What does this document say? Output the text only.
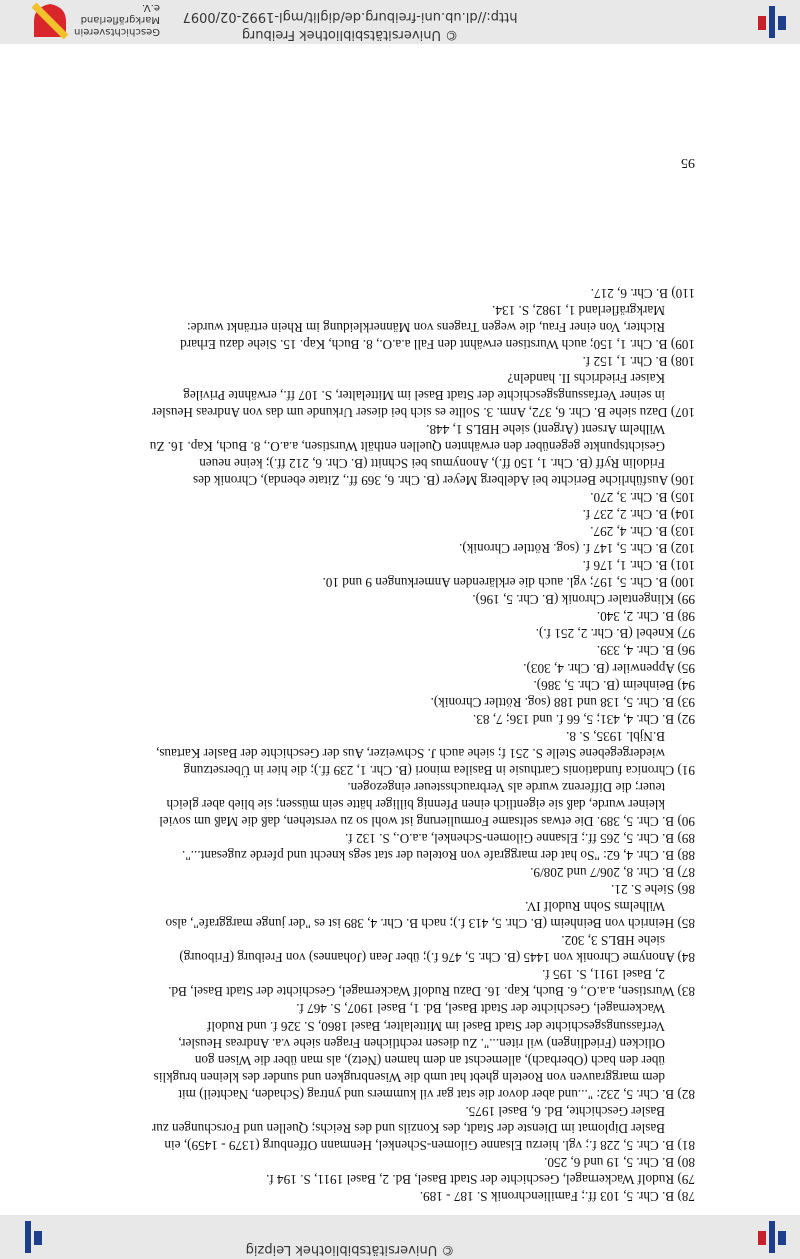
© Universitätsbibliothek Leipzig
78) B. Chr. 5, 103 ff.; Familienchronik S. 187 - 189.
79) Rudolf Wackernagel, Geschichte der Stadt Basel, Bd. 2, Basel 1911, S. 194 f.
80) B. Chr. 5, 19 und 6, 250.
81) B. Chr. 5, 228 f.; vgl. hierzu Elsanne Gilomen-Schenkel, Henmann Offenburg (1379 - 1459), ein
Basler Diplomat im Dienste der Stadt, des Konzils und des Reichs; Quellen und Forschungen zur
Basler Geschichte, Bd. 6, Basel 1975.
82) B. Chr. 5, 232: "...und aber dovor die stat gar vil kummers und yntrag (Schaden, Nachteil) mit
dem marggrauven von Roeteln ghebt hat umb die Wisenbrugken und sunder des kleinen brugklis
über den bach (Oberbach), allemechst an dem hamen (Netz), als man über die Wisen gon
Otlicken (Friedlingen) wil riten...". Zu diesen rechtlichen Fragen siehe v.a. Andreas Heusler,
Verfassungsgeschichte der Stadt Basel im Mittelalter, Basel 1860, S. 326 f. und Rudolf
Wackernagel, Geschichte der Stadt Basel, Bd. 1, Basel 1907, S. 467 f.
83) Wurstisen, a.a.O., 6. Buch, Kap. 16. Dazu Rudolf Wackernagel, Geschichte der Stadt Basel, Bd.
2, Basel 1911, S. 195 f.
84) Anonyme Chronik von 1445 (B. Chr. 5, 476 f.); über Jean (Johannes) von Freiburg (Fribourg)
siehe HBLS 3, 302.
85) Heinrich von Beinheim (B. Chr. 5, 413 f.); nach B. Chr. 4, 389 ist es "der junge marggrafe", also
Wilhelms Sohn Rudolf IV.
86) Siehe S. 21.
87) B. Chr. 8, 206/7 und 208/9.
88) B. Chr. 4, 62: "So hat der marggrafe von Roteleu der stat segs knecht und pferde zugesant...".
89) B. Chr. 5, 265 ff.; Elsanne Gilomen-Schenkel, a.a.O., S. 132 f.
90) B. Chr. 5, 389. Die etwas seltsame Formulierung ist wohl so zu verstehen, daß die Maß um soviel
kleiner wurde, daß sie eigentlich einen Pfennig billiger hätte sein müssen; sie blieb aber gleich
teuer; die Differenz wurde als Verbrauchssteuer eingezogen.
91) Chronica fundationis Carthusie in Basilea minori (B. Chr. 1, 239 ff.); die hier in Übersetzung
wiedergegebene Stelle S. 251 f; siehe auch J. Schweizer, Aus der Geschichte der Basler Kartaus,
B.Njbl. 1935, S. 8.
92) B. Chr. 4, 431; 5, 66 f. und 136; 7, 83.
93) B. Chr. 5, 138 und 188 (sog. Röttler Chronik).
94) Beinheim (B. Chr. 5, 386).
95) Appenwiler (B. Chr. 4, 303).
96) B. Chr. 4, 339.
97) Knebel (B. Chr. 2, 251 f.).
98) B. Chr. 2, 340.
99) Klingentaler Chronik (B. Chr. 5, 196).
100) B. Chr. 5, 197; vgl. auch die erklärenden Anmerkungen 9 und 10.
101) B. Chr. 1, 176 f.
102) B. Chr. 5, 147 f. (sog. Röttler Chronik).
103) B. Chr. 4, 297.
104) B. Chr. 2, 237 f.
105) B. Chr. 3, 270.
106) Ausführliche Berichte bei Adelberg Meyer (B. Chr. 6, 369 ff., Zitate ebenda), Chronik des
Fridolin Ryff (B. Chr. 1, 150 ff.), Anonymus bei Schnitt (B. Chr. 6, 212 ff.); keine neuen
Gesichtspunkte gegenüber den erwähnten Quellen enthält Wurstisen, a.a.O., 8. Buch, Kap. 16. Zu
Wilhelm Arsent (Argent) siehe HBLS 1, 448.
107) Dazu siehe B. Chr. 6, 372, Anm. 3. Sollte es sich bei dieser Urkunde um das von Andreas Heusler
in seiner Verfassungsgeschichte der Stadt Basel im Mittelalter, S. 107 ff., erwähnte Privileg
Kaiser Friedrichs II. handeln?
108) B. Chr. 1, 152 f.
109) B. Chr. 1, 150; auch Wurstisen erwähnt den Fall a.a.O., 8. Buch, Kap. 15. Siehe dazu Erhard
Richter, Von einer Frau, die wegen Tragens von Männerkleidung im Rhein ertränkt wurde:
Markgräflerland 1, 1982, S. 134.
110) B. Chr. 6, 217.
95
© Universitätsbibliothek Freiburg
http://dl.ub.uni-freiburg.de/diglit/mgl-1992-02/0097
Geschichtsverein Markgräflerland e.V.
